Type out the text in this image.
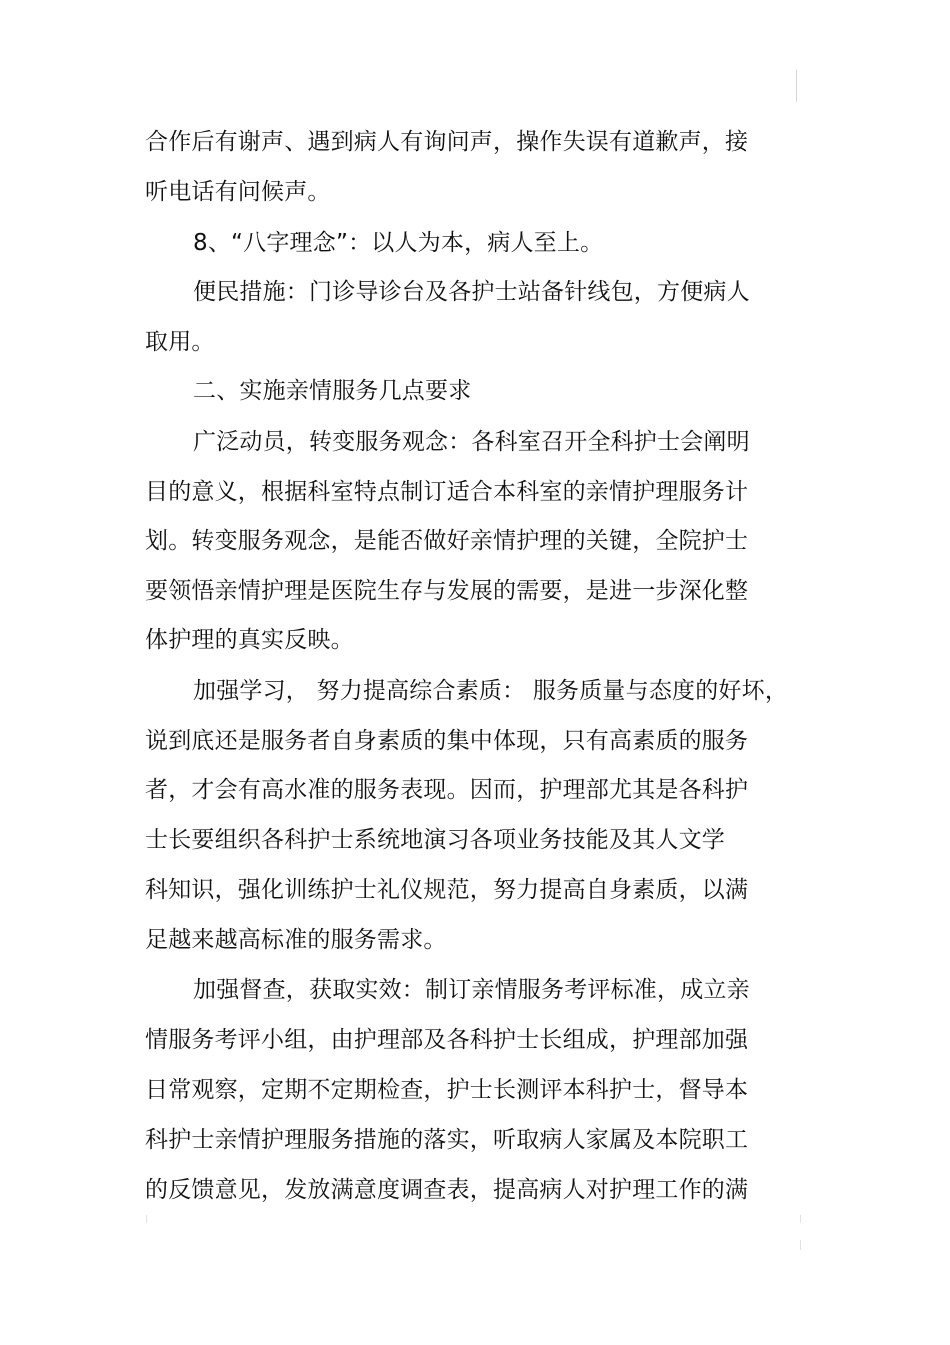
合作后有谢声、遇到病人有询问声，操作失误有道歉声，接
听电话有问候声。
8、“八字理念”：以人为本，病人至上。
便民措施：门诊导诊台及各护士站备针线包，方便病人
取用。
二、实施亲情服务几点要求
广泛动员，转变服务观念：各科室召开全科护士会阐明
目的意义，根据科室特点制订适合本科室的亲情护理服务计
划。转变服务观念，是能否做好亲情护理的关键，全院护士
要领悟亲情护理是医院生存与发展的需要，是进一步深化整
体护理的真实反映。
加强学习， 努力提高综合素质： 服务质量与态度的好坏，
说到底还是服务者自身素质的集中体现，只有高素质的服务
者，才会有高水准的服务表现。因而，护理部尤其是各科护
士长要组织各科护士系统地演习各项业务技能及其人文学
科知识，强化训练护士礼仪规范，努力提高自身素质，以满
足越来越高标准的服务需求。
加强督查，获取实效：制订亲情服务考评标准，成立亲
情服务考评小组，由护理部及各科护士长组成，护理部加强
日常观察，定期不定期检查，护士长测评本科护士，督导本
科护士亲情护理服务措施的落实，听取病人家属及本院职工
的反馈意见，发放满意度调查表，提高病人对护理工作的满
